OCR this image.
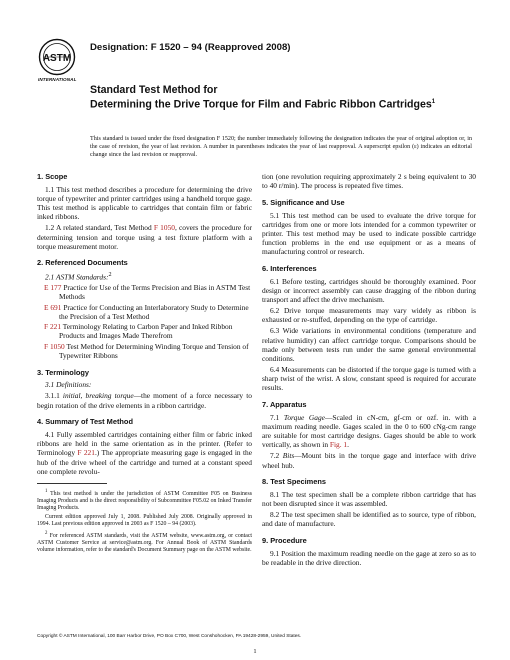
ASTM
INTERNATIONAL
Designation: F 1520 – 94 (Reapproved 2008)
Standard Test Method for
Determining the Drive Torque for Film and Fabric Ribbon Cartridges$^1$
This standard is issued under the fixed designation F 1520; the number immediately following the designation indicates the year of original adoption or, in the case of revision, the year of last revision. A number in parentheses indicates the year of last reapproval. A superscript epsilon (ε) indicates an editorial change since the last revision or reapproval.
1. Scope

1.1 This test method describes a procedure for determining the drive torque of typewriter and printer cartridges using a handheld torque gage. This test method is applicable to cartridges that contain film or fabric inked ribbons.

1.2 A related standard, Test Method F 1050, covers the procedure for determining tension and torque using a test fixture platform with a torque measurement motor.

2. Referenced Documents
2.1 ASTM Standards:$^2$
E 177 Practice for Use of the Terms Precision and Bias in ASTM Test Methods
E 691 Practice for Conducting an Interlaboratory Study to Determine the Precision of a Test Method
F 221 Terminology Relating to Carbon Paper and Inked Ribbon Products and Images Made Therefrom
F 1050 Test Method for Determining Winding Torque and Tension of Typewriter Ribbons
3. Terminology

3.1 Definitions:

3.1.1 initial, breaking torque—the moment of a force necessary to begin rotation of the drive elements in a ribbon cartridge.

4. Summary of Test Method

4.1 Fully assembled cartridges containing either film or fabric inked ribbons are held in the same orientation as in the printer. (Refer to Terminology F 221.) The appropriate measuring gage is engaged in the hub of the drive wheel of the cartridge and turned at a constant speed one complete revolu-

$^1$ This test method is under the jurisdiction of ASTM Committee F05 on Business Imaging Products and is the direct responsibility of Subcommittee F05.02 on Inked Transfer Imaging Products.
Current edition approved July 1, 2008. Published July 2008. Originally approved in 1994. Last previous edition approved in 2003 as F 1520 – 94 (2003).
$^2$ For referenced ASTM standards, visit the ASTM website, www.astm.org, or contact ASTM Customer Service at service@astm.org. For Annual Book of ASTM Standards volume information, refer to the standard's Document Summary page on the ASTM website.

tion (one revolution requiring approximately 2 s being equivalent to 30 to 40 r/min). The process is repeated five times.

5. Significance and Use

5.1 This test method can be used to evaluate the drive torque for cartridges from one or more lots intended for a common typewriter or printer. This test method may be used to indicate possible cartridge function problems in the end use equipment or as a means of manufacturing control or research.

6. Interferences

6.1 Before testing, cartridges should be thoroughly examined. Poor design or incorrect assembly can cause dragging of the ribbon during transport and affect the drive mechanism.

6.2 Drive torque measurements may vary widely as ribbon is exhausted or re-stuffed, depending on the type of cartridge.

6.3 Wide variations in environmental conditions (temperature and relative humidity) can affect cartridge torque. Comparisons should be made only between tests run under the same general environmental conditions.

6.4 Measurements can be distorted if the torque gage is turned with a sharp twist of the wrist. A slow, constant speed is required for accurate results.

7. Apparatus

7.1 Torque Gage—Scaled in cN-cm, gf-cm or ozf. in. with a maximum reading needle. Gages scaled in the 0 to 600 cNg-cm range are suitable for most cartridge designs. Gages should be able to work vertically, as shown in Fig. 1.

7.2 Bits—Mount bits in the torque gage and interface with drive wheel hub.

8. Test Specimens

8.1 The test specimen shall be a complete ribbon cartridge that has not been disrupted since it was assembled.

8.2 The test specimen shall be identified as to source, type of ribbon, and date of manufacture.

9. Procedure

9.1 Position the maximum reading needle on the gage at zero so as to be readable in the drive direction.

Copyright © ASTM International, 100 Barr Harbor Drive, PO Box C700, West Conshohocken, PA 19428-2959, United States.
1
